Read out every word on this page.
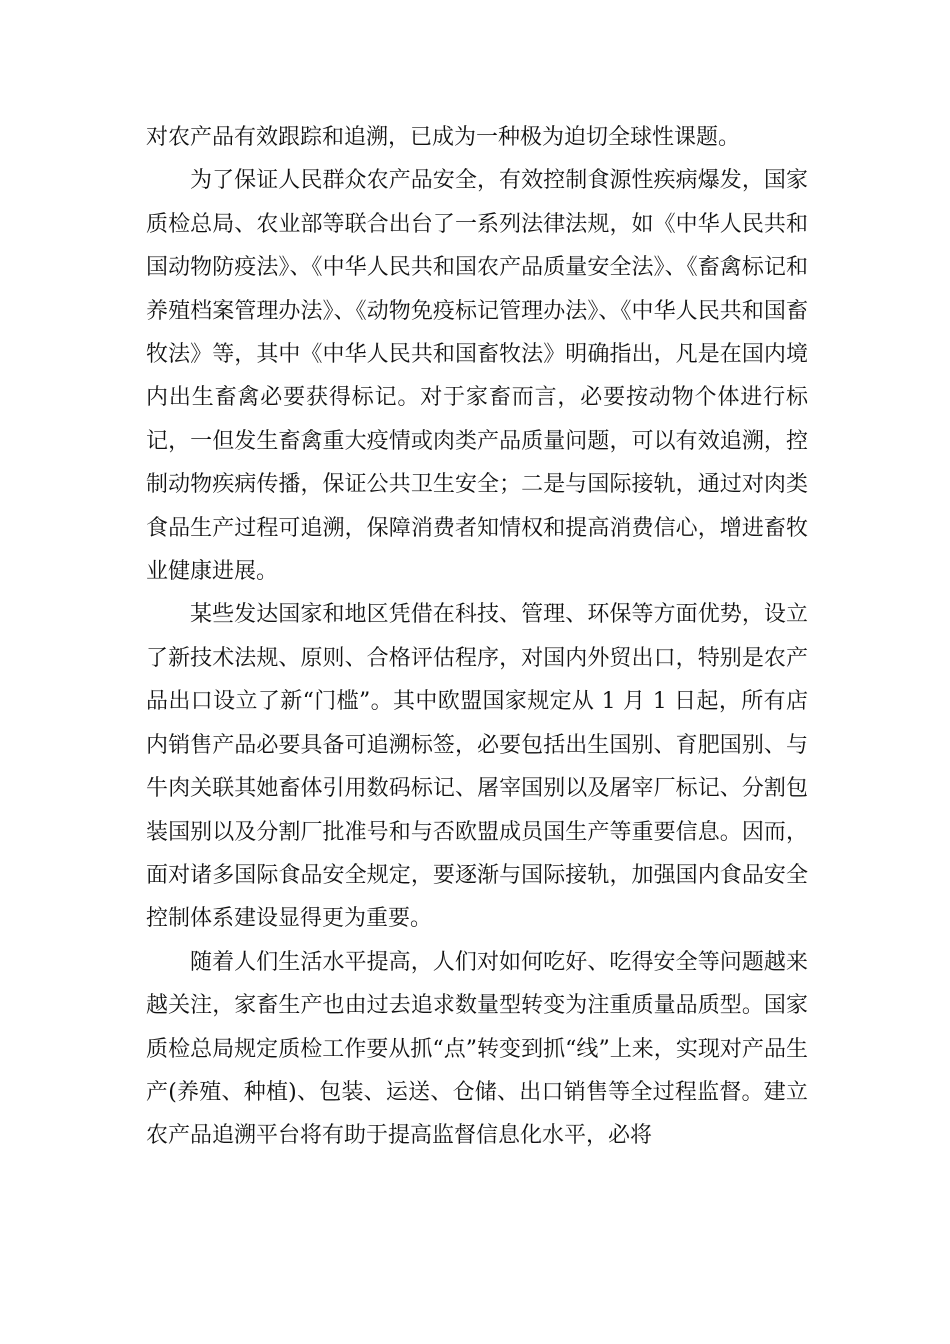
对农产品有效跟踪和追溯，已成为一种极为迫切全球性课题。

为了保证人民群众农产品安全，有效控制食源性疾病爆发，国家质检总局、农业部等联合出台了一系列法律法规，如《中华人民共和国动物防疫法》、《中华人民共和国农产品质量安全法》、《畜禽标记和养殖档案管理办法》、《动物免疫标记管理办法》、《中华人民共和国畜牧法》等，其中《中华人民共和国畜牧法》明确指出，凡是在国内境内出生畜禽必要获得标记。对于家畜而言，必要按动物个体进行标记，一但发生畜禽重大疫情或肉类产品质量问题，可以有效追溯，控制动物疾病传播，保证公共卫生安全；二是与国际接轨，通过对肉类食品生产过程可追溯，保障消费者知情权和提高消费信心，增进畜牧业健康进展。

某些发达国家和地区凭借在科技、管理、环保等方面优势，设立了新技术法规、原则、合格评估程序，对国内外贸出口，特别是农产品出口设立了新“门槛”。其中欧盟国家规定从 1 月 1 日起，所有店内销售产品必要具备可追溯标签，必要包括出生国别、育肥国别、与牛肉关联其她畜体引用数码标记、屠宰国别以及屠宰厂标记、分割包装国别以及分割厂批准号和与否欧盟成员国生产等重要信息。因而，面对诸多国际食品安全规定，要逐渐与国际接轨，加强国内食品安全控制体系建设显得更为重要。

随着人们生活水平提高，人们对如何吃好、吃得安全等问题越来越关注，家畜生产也由过去追求数量型转变为注重质量品质型。国家质检总局规定质检工作要从抓“点”转变到抓“线”上来，实现对产品生产(养殖、种植)、包装、运送、仓储、出口销售等全过程监督。建立农产品追溯平台将有助于提高监督信息化水平，必将
